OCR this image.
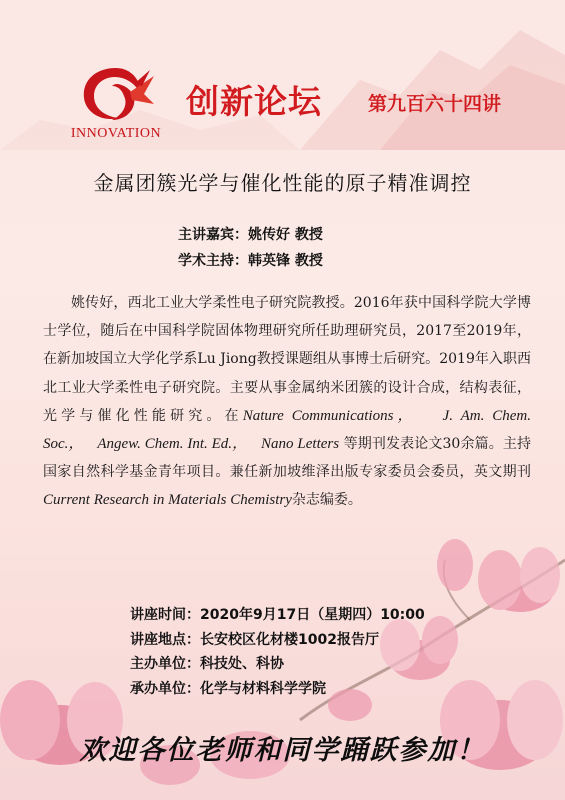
INNOVATION
创新论坛 第九百六十四讲
金属团簇光学与催化性能的原子精准调控
主讲嘉宾：姚传好 教授
学术主持：韩英锋 教授

姚传好，西北工业大学柔性电子研究院教授。2016年获中国科学院大学博士学位，随后在中国科学院固体物理研究所任助理研究员，2017至2019年，在新加坡国立大学化学系Lu Jiong教授课题组从事博士后研究。2019年入职西北工业大学柔性电子研究院。主要从事金属纳米团簇的设计合成，结构表征，光学与催化性能研究。在Nature Communications， J. Am. Chem. Soc.， Angew. Chem. Int. Ed.， Nano Letters 等期刊发表论文30余篇。主持国家自然科学基金青年项目。兼任新加坡维泽出版专家委员会委员，英文期刊Current Research in Materials Chemistry杂志编委。

讲座时间 ： 2020年9月17日（星期四）10:00
讲座地点 ： 长安校区化材楼1002报告厅
主办单位 ： 科技处、科协
承办单位 ： 化学与材料科学学院
欢迎各位老师和同学踊跃参加！
